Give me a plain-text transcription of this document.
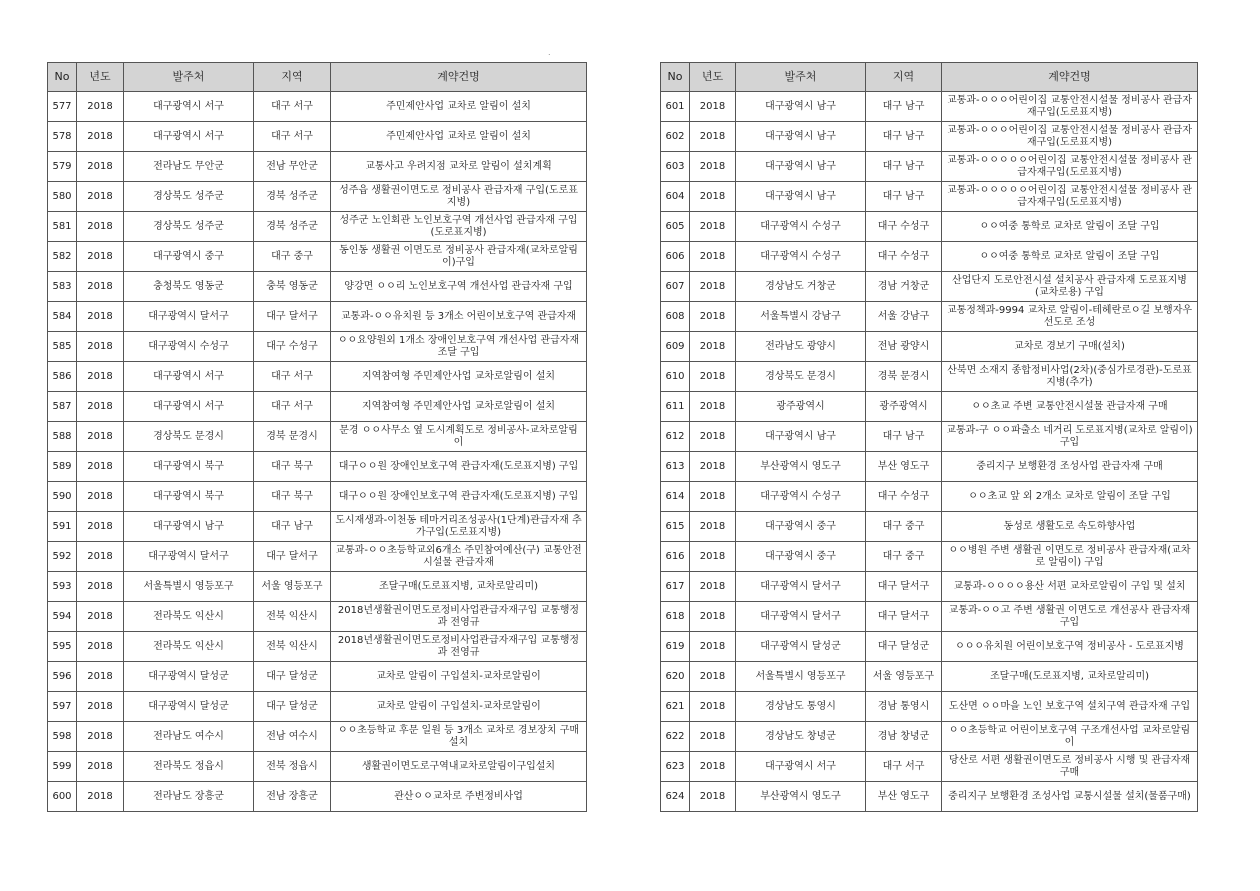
.
No	년도	발주처	지역	계약건명
577	2018	대구광역시 서구	대구 서구	주민제안사업 교차로 알림이 설치
578	2018	대구광역시 서구	대구 서구	주민제안사업 교차로 알림이 설치
579	2018	전라남도 무안군	전남 무안군	교통사고 우려지점 교차로 알림이 설치계획
580	2018	경상북도 성주군	경북 성주군	성주읍 생활권이면도로 정비공사 관급자재 구입(도로표지병)
581	2018	경상북도 성주군	경북 성주군	성주군 노인회관 노인보호구역 개선사업 관급자재 구입(도로표지병)
582	2018	대구광역시 중구	대구 중구	동인동 생활권 이면도로 정비공사 관급자재(교차로알림이)구입
583	2018	충청북도 영동군	충북 영동군	양강면 ㅇㅇ리 노인보호구역 개선사업 관급자재 구입
584	2018	대구광역시 달서구	대구 달서구	교통과-ㅇㅇ유치원 등 3개소 어린이보호구역 관급자재
585	2018	대구광역시 수성구	대구 수성구	ㅇㅇ요양원외 1개소 장애인보호구역 개선사업 관급자재 조달 구입
586	2018	대구광역시 서구	대구 서구	지역참여형 주민제안사업 교차로알림이 설치
587	2018	대구광역시 서구	대구 서구	지역참여형 주민제안사업 교차로알림이 설치
588	2018	경상북도 문경시	경북 문경시	문경 ㅇㅇ사무소 옆 도시계획도로 정비공사-교차로알림이
589	2018	대구광역시 북구	대구 북구	대구ㅇㅇ원 장애인보호구역 관급자재(도로표지병) 구입
590	2018	대구광역시 북구	대구 북구	대구ㅇㅇ원 장애인보호구역 관급자재(도로표지병) 구입
591	2018	대구광역시 남구	대구 남구	도시재생과-이천동 테마거리조성공사(1단계)관급자재 추가구입(도로표지병)
592	2018	대구광역시 달서구	대구 달서구	교통과-ㅇㅇ초등학교외6개소 주민참여예산(구) 교통안전시설물 관급자재
593	2018	서울특별시 영등포구	서울 영등포구	조달구매(도로표지병, 교차로알리미)
594	2018	전라북도 익산시	전북 익산시	2018년생활권이면도로정비사업관급자재구입 교통행정과 전영규
595	2018	전라북도 익산시	전북 익산시	2018년생활권이면도로정비사업관급자재구입 교통행정과 전영규
596	2018	대구광역시 달성군	대구 달성군	교차로 알림이 구입설치-교차로알림이
597	2018	대구광역시 달성군	대구 달성군	교차로 알림이 구입설치-교차로알림이
598	2018	전라남도 여수시	전남 여수시	ㅇㅇ초등학교 후문 일원 등 3개소 교차로 경보장치 구매 설치
599	2018	전라북도 정읍시	전북 정읍시	생활권이면도로구역내교차로알림이구입설치
600	2018	전라남도 장흥군	전남 장흥군	관산ㅇㅇ교차로 주변정비사업
No	년도	발주처	지역	계약건명
601	2018	대구광역시 남구	대구 남구	교통과-ㅇㅇㅇ어린이집 교통안전시설물 정비공사 관급자재구입(도로표지병)
602	2018	대구광역시 남구	대구 남구	교통과-ㅇㅇㅇ어린이집 교통안전시설물 정비공사 관급자재구입(도로표지병)
603	2018	대구광역시 남구	대구 남구	교통과-ㅇㅇㅇㅇㅇ어린이집 교통안전시설물 정비공사 관급자재구입(도로표지병)
604	2018	대구광역시 남구	대구 남구	교통과-ㅇㅇㅇㅇㅇ어린이집 교통안전시설물 정비공사 관급자재구입(도로표지병)
605	2018	대구광역시 수성구	대구 수성구	ㅇㅇ여중 통학로 교차로 알림이 조달 구입
606	2018	대구광역시 수성구	대구 수성구	ㅇㅇ여중 통학로 교차로 알림이 조달 구입
607	2018	경상남도 거창군	경남 거창군	산업단지 도로안전시설 설치공사 관급자재 도로표지병(교차로용) 구입
608	2018	서울특별시 강남구	서울 강남구	교통정책과-9994 교차로 알림이-테헤란로ㅇ길 보행자우선도로 조성
609	2018	전라남도 광양시	전남 광양시	교차로 경보기 구매(설치)
610	2018	경상북도 문경시	경북 문경시	산북면 소재지 종합정비사업(2차)(중심가로경관)-도로표지병(추가)
611	2018	광주광역시	광주광역시	ㅇㅇ초교 주변 교통안전시설물 관급자재 구매
612	2018	대구광역시 남구	대구 남구	교통과-구 ㅇㅇ파출소 네거리 도로표지병(교차로 알림이) 구입
613	2018	부산광역시 영도구	부산 영도구	중리지구 보행환경 조성사업 관급자재 구매
614	2018	대구광역시 수성구	대구 수성구	ㅇㅇ초교 앞 외 2개소 교차로 알림이 조달 구입
615	2018	대구광역시 중구	대구 중구	동성로 생활도로 속도하향사업
616	2018	대구광역시 중구	대구 중구	ㅇㅇ병원 주변 생활권 이면도로 정비공사 관급자재(교차로 알림이) 구입
617	2018	대구광역시 달서구	대구 달서구	교통과-ㅇㅇㅇㅇ용산 서편 교차로알림이 구입 및 설치
618	2018	대구광역시 달서구	대구 달서구	교통과-ㅇㅇ고 주변 생활권 이면도로 개선공사 관급자재 구입
619	2018	대구광역시 달성군	대구 달성군	ㅇㅇㅇ유치원 어린이보호구역 정비공사 - 도로표지병
620	2018	서울특별시 영등포구	서울 영등포구	조달구매(도로표지병, 교차로알리미)
621	2018	경상남도 통영시	경남 통영시	도산면 ㅇㅇ마을 노인 보호구역 설치구역 관급자재 구입
622	2018	경상남도 창녕군	경남 창녕군	ㅇㅇ초등학교 어린이보호구역 구조개선사업 교차로알림이
623	2018	대구광역시 서구	대구 서구	당산로 서편 생활권이면도로 정비공사 시행 및 관급자재 구매
624	2018	부산광역시 영도구	부산 영도구	중리지구 보행환경 조성사업 교통시설물 설치(물품구매)
